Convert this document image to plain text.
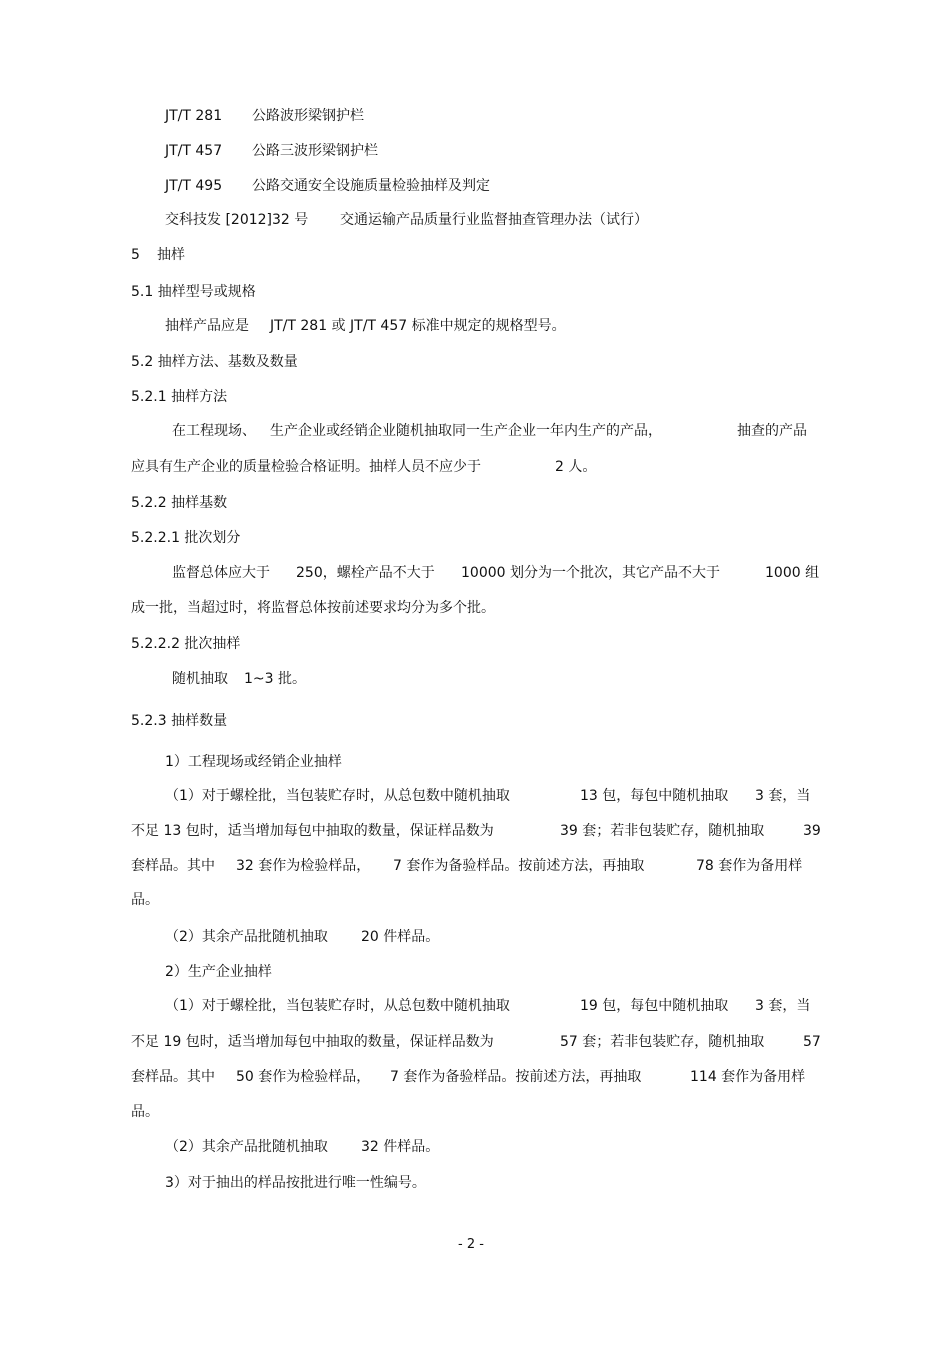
JT/T 281 公路波形梁钢护栏
JT/T 457 公路三波形梁钢护栏
JT/T 495 公路交通安全设施质量检验抽样及判定
交科技发 [2012]32 号 交通运输产品质量行业监督抽查管理办法（试行）
5 抽样
5.1 抽样型号或规格
抽样产品应是 JT/T 281 或 JT/T 457 标准中规定的规格型号。
5.2 抽样方法、基数及数量
5.2.1 抽样方法
在工程现场、 生产企业或经销企业随机抽取同一生产企业一年内生产的产品，	抽查的产品
应具有生产企业的质量检验合格证明。抽样人员不应少于	2 人。
5.2.2 抽样基数
5.2.2.1 批次划分
监督总体应大于 250，螺栓产品不大于 10000 划分为一个批次，其它产品不大于	1000 组
成一批，当超过时，将监督总体按前述要求均分为多个批。
5.2.2.2 批次抽样
随机抽取 1~3 批。
5.2.3 抽样数量
1）工程现场或经销企业抽样
（1）对于螺栓批，当包装贮存时，从总包数中随机抽取	13 包，每包中随机抽取 3 套，当
不足 13 包时，适当增加每包中抽取的数量，保证样品数为	39 套；若非包装贮存，随机抽取	39
套样品。其中 32 套作为检验样品， 7 套作为备验样品。按前述方法，再抽取	78 套作为备用样
品。
（2）其余产品批随机抽取 20 件样品。
2）生产企业抽样
（1）对于螺栓批，当包装贮存时，从总包数中随机抽取	19 包，每包中随机抽取 3 套，当
不足 19 包时，适当增加每包中抽取的数量，保证样品数为	57 套；若非包装贮存，随机抽取	57
套样品。其中 50 套作为检验样品， 7 套作为备验样品。按前述方法，再抽取	114 套作为备用样
品。
（2）其余产品批随机抽取 32 件样品。
3）对于抽出的样品按批进行唯一性编号。
- 2 -
